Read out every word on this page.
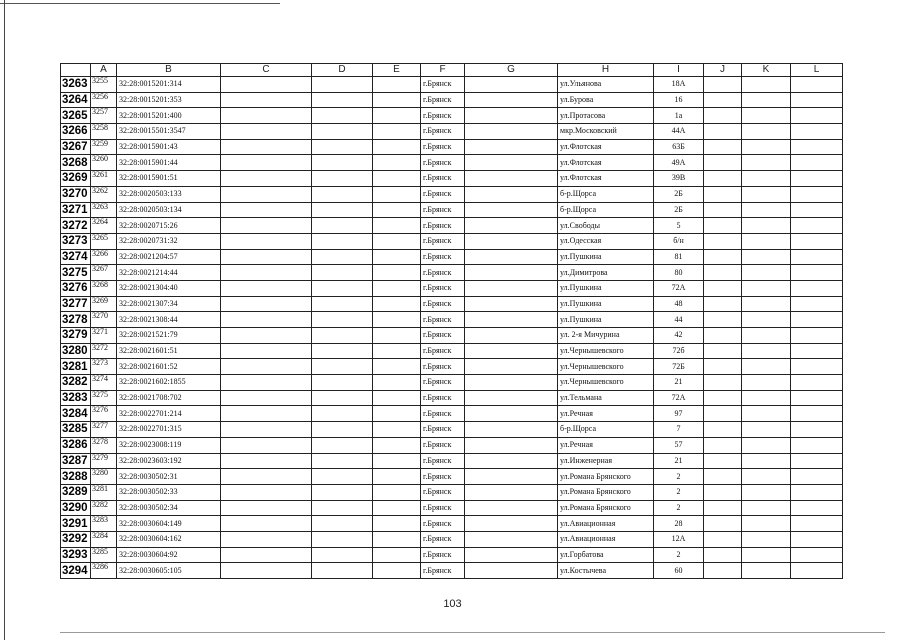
	A	B	C	D	E	F	G	H	I	J	K	L
3263	3255	32:28:0015201:314				г.Брянск		ул.Ульянова	18А			
3264	3256	32:28:0015201:353				г.Брянск		ул.Бурова	16			
3265	3257	32:28:0015201:400				г.Брянск		ул.Протасова	1а			
3266	3258	32:28:0015501:3547				г.Брянск		мкр.Московский	44А			
3267	3259	32:28:0015901:43				г.Брянск		ул.Флотская	63Б			
3268	3260	32:28:0015901:44				г.Брянск		ул.Флотская	49А			
3269	3261	32:28:0015901:51				г.Брянск		ул.Флотская	39В			
3270	3262	32:28:0020503:133				г.Брянск		б-р.Щорса	2Б			
3271	3263	32:28:0020503:134				г.Брянск		б-р.Щорса	2Б			
3272	3264	32:28:0020715:26				г.Брянск		ул.Свободы	5			
3273	3265	32:28:0020731:32				г.Брянск		ул.Одесская	б/н			
3274	3266	32:28:0021204:57				г.Брянск		ул.Пушкина	81			
3275	3267	32:28:0021214:44				г.Брянск		ул.Димитрова	80			
3276	3268	32:28:0021304:40				г.Брянск		ул.Пушкина	72А			
3277	3269	32:28:0021307:34				г.Брянск		ул.Пушкина	48			
3278	3270	32:28:0021308:44				г.Брянск		ул.Пушкина	44			
3279	3271	32:28:0021521:79				г.Брянск		ул. 2-я Мичурина	42			
3280	3272	32:28:0021601:51				г.Брянск		ул.Чернышевского	72б			
3281	3273	32:28:0021601:52				г.Брянск		ул.Чернышевского	72Б			
3282	3274	32:28:0021602:1855				г.Брянск		ул.Чернышевского	21			
3283	3275	32:28:0021708:702				г.Брянск		ул.Тельмана	72А			
3284	3276	32:28:0022701:214				г.Брянск		ул.Речная	97			
3285	3277	32:28:0022701:315				г.Брянск		б-р.Щорса	7			
3286	3278	32:28:0023008:119				г.Брянск		ул.Речная	57			
3287	3279	32:28:0023603:192				г.Брянск		ул.Инженерная	21			
3288	3280	32:28:0030502:31				г.Брянск		ул.Романа Брянского	2			
3289	3281	32:28:0030502:33				г.Брянск		ул.Романа Брянского	2			
3290	3282	32:28:0030502:34				г.Брянск		ул.Романа Брянского	2			
3291	3283	32:28:0030604:149				г.Брянск		ул.Авиационная	28			
3292	3284	32:28:0030604:162				г.Брянск		ул.Авиационная	12А			
3293	3285	32:28:0030604:92				г.Брянск		ул.Горбатова	2			
3294	3286	32:28:0030605:105				г.Брянск		ул.Костычева	60			
103
